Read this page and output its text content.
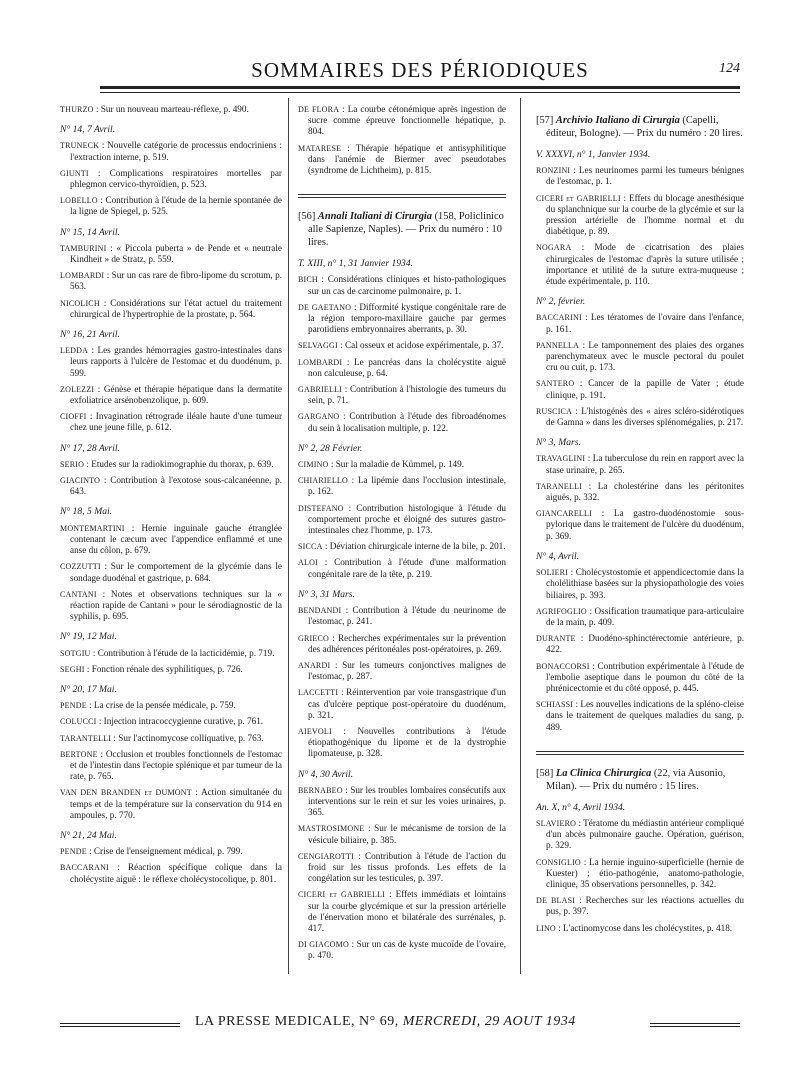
SOMMAIRES DES PÉRIODIQUES	124
THURZO : Sur un nouveau marteau-réflexe, p. 490.
N° 14, 7 Avril.
TRUNECK : Nouvelle catégorie de processus endocriniens : l'extraction interne, p. 519.
GIUNTI : Complications respiratoires mortelles par phlegmon cervico-thyroïdien, p. 523.
LOBELLO : Contribution à l'étude de la hernie spontanée de la ligne de Spiegel, p. 525.
N° 15, 14 Avril.
TAMBURINI : « Piccola puberta » de Pende et « neutrale Kindheit » de Stratz, p. 559.
LOMBARDI : Sur un cas rare de fibro-lipome du scrotum, p. 563.
NICOLICH : Considérations sur l'état actuel du traitement chirurgical de l'hypertrophie de la prostate, p. 564.
N° 16, 21 Avril.
LEDDA : Les grandes hémorragies gastro-intestinales dans leurs rapports à l'ulcère de l'estomac et du duodénum, p. 599.
ZOLEZZI : Génèse et thérapie hépatique dans la dermatite exfoliatrice arsénobenzolique, p. 609.
CIOFFI : Invagination rétrograde iléale haute d'une tumeur chez une jeune fille, p. 612.
N° 17, 28 Avril.
SERIO : Etudes sur la radiokimographie du thorax, p. 639.
GIACINTO : Contribution à l'exotose sous-calcanéenne, p. 643.
N° 18, 5 Mai.
MONTEMARTINI : Hernie inguinale gauche étranglée contenant le cæcum avec l'appendice enflammé et une anse du côlon, p. 679.
COZZUTTI : Sur le comportement de la glycémie dans le sondage duodénal et gastrique, p. 684.
CANTANI : Notes et observations techniques sur la « réaction rapide de Cantani » pour le sérodiagnostic de la syphilis, p. 695.
N° 19, 12 Mai.
SOTGIU : Contribution à l'étude de la lacticidémie, p. 719.
SEGHI : Fonction rénale des syphilitiques, p. 726.
N° 20, 17 Mai.
PENDE : La crise de la pensée médicale, p. 759.
COLUCCI : Injection intracoccygienne curative, p. 761.
TARANTELLI : Sur l'actinomycose colliquative, p. 763.
BERTONE : Occlusion et troubles fonctionnels de l'estomac et de l'intestin dans l'ectopie splénique et par tumeur de la rate, p. 765.
VAN DEN BRANDEN et DUMONT : Action simultanée du temps et de la température sur la conservation du 914 en ampoules, p. 770.
N° 21, 24 Mai.
PENDE : Crise de l'enseignement médical, p. 799.
BACCARANI : Réaction spécifique colique dans la cholécystite aiguë : le réflexe cholécystocolique, p. 801.
DE FLORA : La courbe cétonémique après ingestion de sucre comme épreuve fonctionnelle hépatique, p. 804.
MATARESE : Thérapie hépatique et antisyphilitique dans l'anémie de Biermer avec pseudotabes (syndrome de Lichtheim), p. 815.
[56] Annali Italiani di Cirurgia (158, Policlinico alle Sapienze, Naples). — Prix du numéro : 10 lires.
T. XIII, n° 1, 31 Janvier 1934.
BICH : Considérations cliniques et histo-pathologiques sur un cas de carcinome pulmonaire, p. 1.
DE GAETANO : Difformité kystique congénitale rare de la région temporo-maxillaire gauche par germes parotidiens embryonnaires aberrants, p. 30.
SELVAGGI : Cal osseux et acidose expérimentale, p. 37.
LOMBARDI : Le pancréas dans la cholécystite aiguë non calculeuse, p. 64.
GABRIELLI : Contribution à l'histologie des tumeurs du sein, p. 71.
GARGANO : Contribution à l'étude des fibroadénomes du sein à localisation multiple, p. 122.
N° 2, 28 Février.
CIMINO : Sur la maladie de Kümmel, p. 149.
CHIARIELLO : La lipémie dans l'occlusion intestinale, p. 162.
DISTEFANO : Contribution histologique à l'étude du comportement proche et éloigné des sutures gastro-intestinales chez l'homme, p. 173.
SICCA : Déviation chirurgicale interne de la bile, p. 201.
ALOI : Contribution à l'étude d'une malformation congénitale rare de la tête, p. 219.
N° 3, 31 Mars.
BENDANDI : Contribution à l'étude du neurinome de l'estomac, p. 241.
GRIECO : Recherches expérimentales sur la prévention des adhérences péritonéales post-opératoires, p. 269.
ANARDI : Sur les tumeurs conjonctives malignes de l'estomac, p. 287.
LACCETTI : Réintervention par voie transgastrique d'un cas d'ulcère peptique post-opératoire du duodénum, p. 321.
AIEVOLI : Nouvelles contributions à l'étude étiopathogénique du lipome et de la dystrophie lipomateuse, p. 328.
N° 4, 30 Avril.
BERNABEO : Sur les troubles lombaires consécutifs aux interventions sur le rein et sur les voies urinaires, p. 365.
MASTROSIMONE : Sur le mécanisme de torsion de la vésicule biliaire, p. 385.
CENGIAROTTI : Contribution à l'étude de l'action du froid sur les tissus profonds. Les effets de la congélation sur les testicules, p. 397.
CICERI et GABRIELLI : Effets immédiats et lointains sur la courbe glycémique et sur la pression artérielle de l'énervation mono et bilatérale des surrénales, p. 417.
DI GIACOMO : Sur un cas de kyste mucoïde de l'ovaire, p. 470.
[57] Archivio Italiano di Cirurgia (Capelli, éditeur, Bologne). — Prix du numéro : 20 lires.
V. XXXVI, n° 1, Janvier 1934.
RONZINI : Les neurinomes parmi les tumeurs bénignes de l'estomac, p. 1.
CICERI et GABRIELLI : Effets du blocage anesthésique du splanchnique sur la courbe de la glycémie et sur la pression artérielle de l'homme normal et du diabétique, p. 89.
NOGARA : Mode de cicatrisation des plaies chirurgicales de l'estomac d'après la suture utilisée ; importance et utilité de la suture extra-muqueuse ; étude expérimentale, p. 110.
N° 2, février.
BACCARINI : Les tératomes de l'ovaire dans l'enfance, p. 161.
PANNELLA : Le tamponnement des plaies des organes parenchymateux avec le muscle pectoral du poulet cru ou cuit, p. 173.
SANTERO : Cancer de la papille de Vater ; étude clinique, p. 191.
RUSCICA : L'histogénès des « aires scléro-sidérotiques de Gamna » dans les diverses splénomégalies, p. 217.
N° 3, Mars.
TRAVAGLINI : La tuberculose du rein en rapport avec la stase urinaire, p. 265.
TARANELLI : La cholestérine dans les péritonites aiguës, p. 332.
GIANCARELLI : La gastro-duodénostomie sous-pylorique dans le traitement de l'ulcère du duodénum, p. 369.
N° 4, Avril.
SOLIERI : Cholécystostomie et appendicectomie dans la cholélithiase basées sur la physiopathologie des voies biliaires, p. 393.
AGRIFOGLIO : Ossification traumatique para-articulaire de la main, p. 409.
DURANTE : Duodéno-sphinctérectomie antérieure, p. 422.
BONACCORSI : Contribution expérimentale à l'étude de l'embolie aseptique dans le poumon du côté de la phrénicectomie et du côté opposé, p. 445.
SCHIASSI : Les nouvelles indications de la spléno-cleise dans le traitement de quelques maladies du sang, p. 489.
[58] La Clinica Chirurgica (22, via Ausonio, Milan). — Prix du numéro : 15 lires.
An. X, n° 4, Avril 1934.
SLAVIERO : Tératome du médiastin antérieur compliqué d'un abcès pulmonaire gauche. Opération, guérison, p. 329.
CONSIGLIO : La hernie inguino-superficielle (hernie de Kuester) ; étio-pathogénie, anatomo-pathologie, clinique, 35 observations personnelles, p. 342.
DE BLASI : Recherches sur les réactions actuelles du pus, p. 397.
LINO : L'actinomycose dans les cholécystites, p. 418.
LA PRESSE MEDICALE, N° 69, MERCREDI, 29 AOUT 1934
